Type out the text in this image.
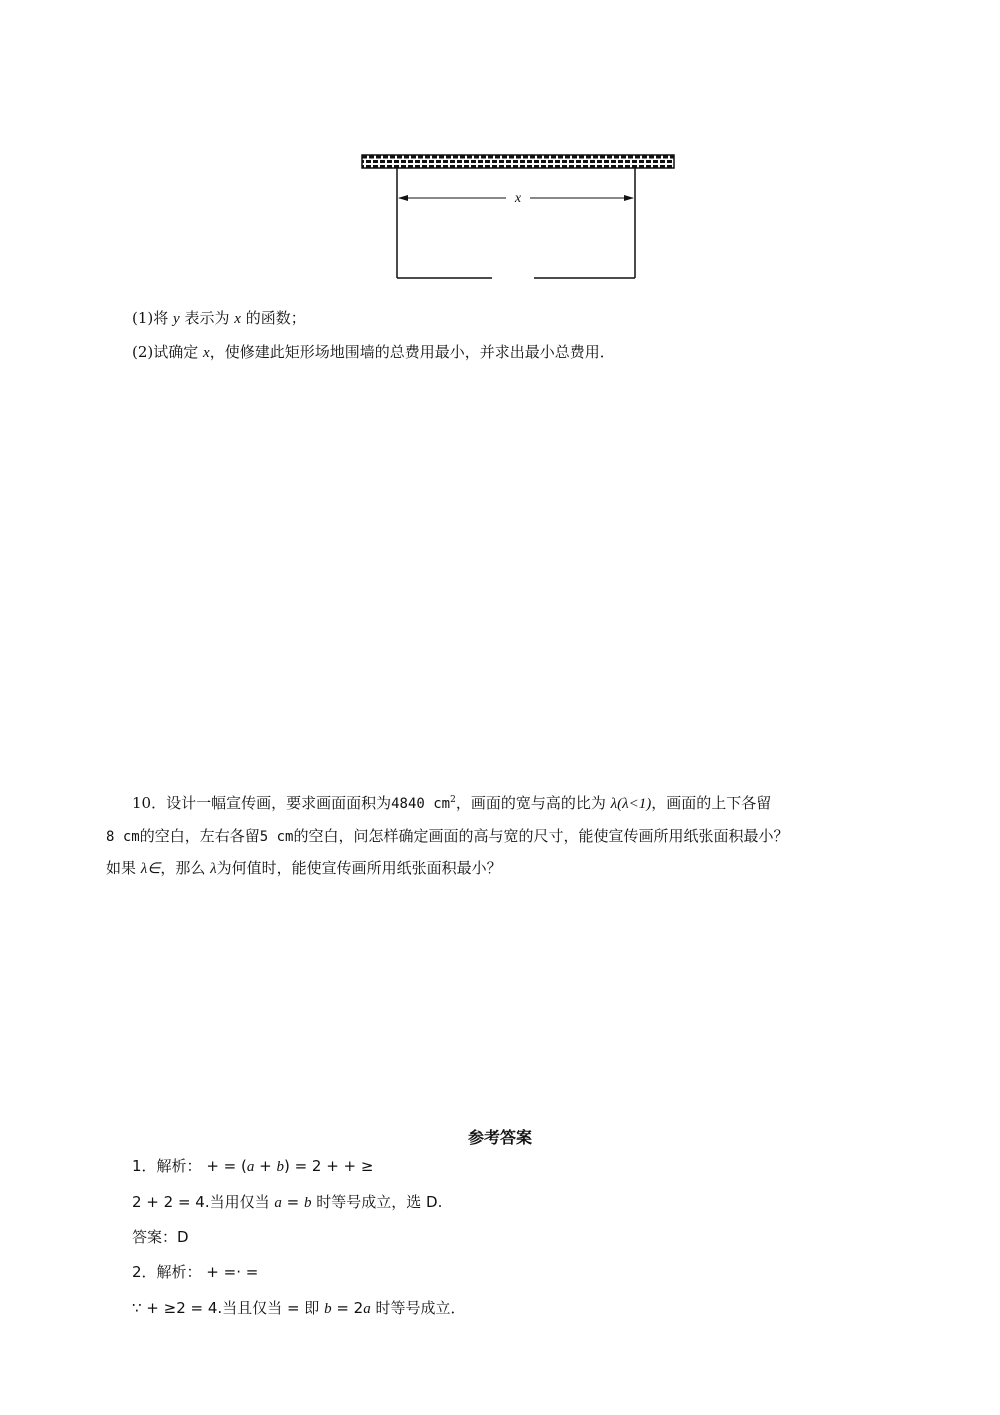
x
(1)将 y 表示为 x 的函数；
(2)试确定 x，使修建此矩形场地围墙的总费用最小，并求出最小总费用．
10．设计一幅宣传画，要求画面面积为4840 $cm^2$，画面的宽与高的比为 λ(λ<1)，画面的上下各留
8 cm的空白，左右各留5 cm的空白，问怎样确定画面的高与宽的尺寸，能使宣传画所用纸张面积最小？
如果 λ∈，那么 λ为何值时，能使宣传画所用纸张面积最小？
参考答案
1．解析： + = (a + b) = 2 + + ≥
2 + 2 = 4.当用仅当 a = b 时等号成立，选 D.
答案：D
2．解析： + =· =
∵ + ≥2 = 4.当且仅当 = 即 b = 2a 时等号成立．
